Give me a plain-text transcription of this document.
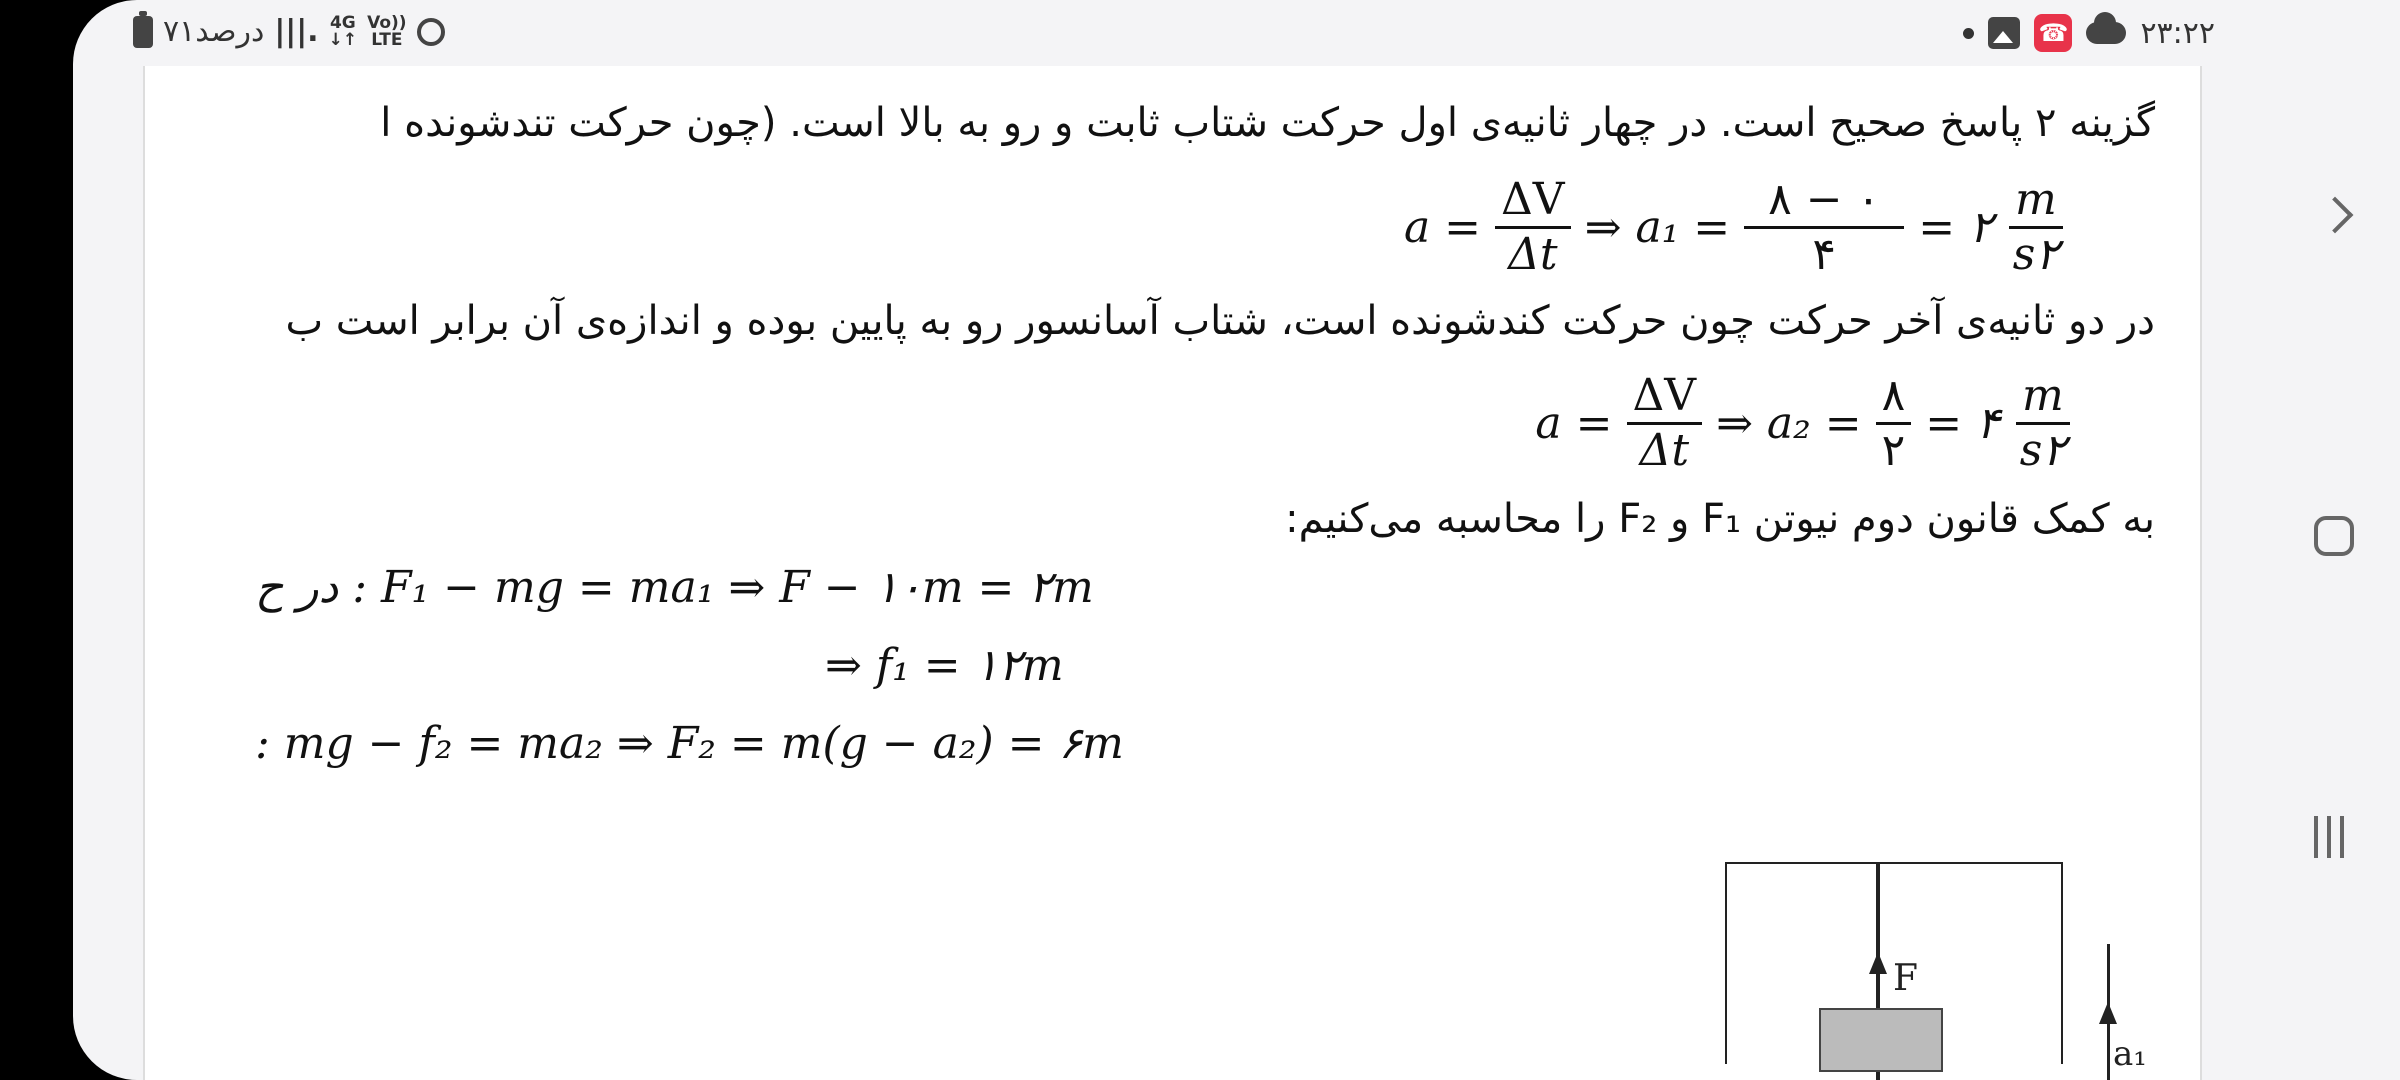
۷۱درصد |||. 4G
↓↑
Vo))
LTE	☎ ۲۳:۲۲
گزینه ۲ پاسخ صحیح است. در چهار ثانیه‌ی اول حرکت شتاب ثابت و رو به بالا است. (چون حرکت تندشونده ا
$a = \frac{\Delta V}{\Delta t}$ ⇒ $a_1 = \frac{۸ - ۰}{۴}$ = ۲ $\frac{m}{s۲}$
در دو ثانیه‌ی آخر حرکت چون حرکت کندشونده است، شتاب آسانسور رو به پایین بوده و اندازه‌ی آن برابر است ب
$a = \frac{\Delta V}{\Delta t}$ ⇒ $a_2 = \frac{۸}{۲}$ = ۴ $\frac{m}{s۲}$
به کمک قانون دوم نیوتن F₁ و F₂ را محاسبه می‌کنیم:
در ح : F₁ − mg = ma₁ ⇒ F − ۱۰m = ۲m
⇒ f₁ = ۱۲m
: mg − f₂ = ma₂ ⇒ F₂ = m(g − a₂) = ۶m
F
a₁
